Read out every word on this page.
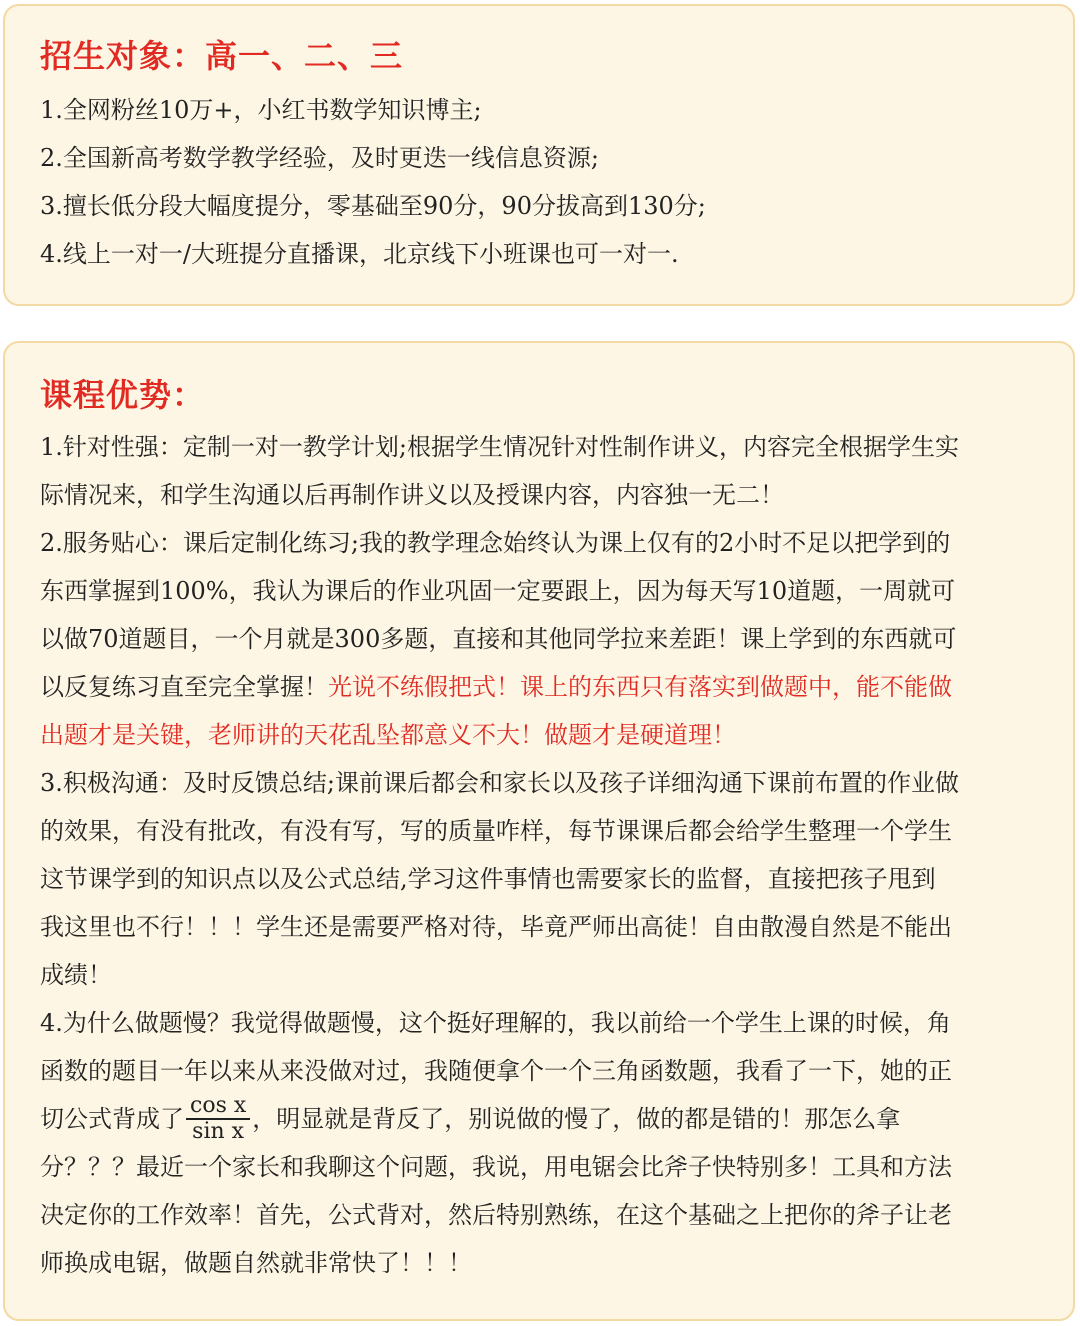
招生对象：高一、二、三
1.全网粉丝10万+，小红书数学知识博主;
2.全国新高考数学教学经验，及时更迭一线信息资源;
3.擅长低分段大幅度提分，零基础至90分，90分拔高到130分;
4.线上一对一/大班提分直播课，北京线下小班课也可一对一.
课程优势：
1.针对性强：定制一对一教学计划;根据学生情况针对性制作讲义，内容完全根据学生实
际情况来，和学生沟通以后再制作讲义以及授课内容，内容独一无二！
2.服务贴心：课后定制化练习;我的教学理念始终认为课上仅有的2小时不足以把学到的
东西掌握到100%，我认为课后的作业巩固一定要跟上，因为每天写10道题，一周就可
以做70道题目，一个月就是300多题，直接和其他同学拉来差距！课上学到的东西就可
以反复练习直至完全掌握！光说不练假把式！课上的东西只有落实到做题中，能不能做
出题才是关键，老师讲的天花乱坠都意义不大！做题才是硬道理！
3.积极沟通：及时反馈总结;课前课后都会和家长以及孩子详细沟通下课前布置的作业做
的效果，有没有批改，有没有写，写的质量咋样，每节课课后都会给学生整理一个学生
这节课学到的知识点以及公式总结,学习这件事情也需要家长的监督，直接把孩子甩到
我这里也不行！！！学生还是需要严格对待，毕竟严师出高徒！自由散漫自然是不能出
成绩！
4.为什么做题慢？我觉得做题慢，这个挺好理解的，我以前给一个学生上课的时候，角
函数的题目一年以来从来没做对过，我随便拿个一个三角函数题，我看了一下，她的正
切公式背成了 $\frac{\text{cos x}}{\text{sin x}}$ ，明显就是背反了，别说做的慢了，做的都是错的！那怎么拿
分？？？最近一个家长和我聊这个问题，我说，用电锯会比斧子快特别多！工具和方法
决定你的工作效率！首先，公式背对，然后特别熟练，在这个基础之上把你的斧子让老
师换成电锯，做题自然就非常快了！！！
